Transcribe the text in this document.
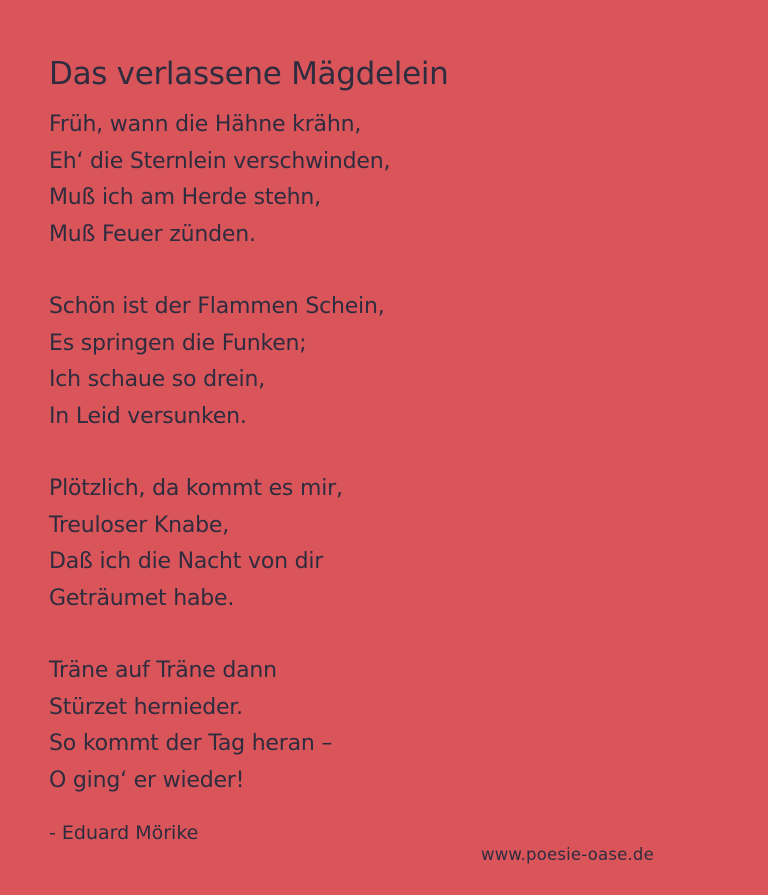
Das verlassene Mägdelein
Früh, wann die Hähne krähn,
Eh‘ die Sternlein verschwinden,
Muß ich am Herde stehn,
Muß Feuer zünden.
Schön ist der Flammen Schein,
Es springen die Funken;
Ich schaue so drein,
In Leid versunken.
Plötzlich, da kommt es mir,
Treuloser Knabe,
Daß ich die Nacht von dir
Geträumet habe.
Träne auf Träne dann
Stürzet hernieder.
So kommt der Tag heran –
O ging‘ er wieder!
- Eduard Mörike
www.poesie-oase.de
